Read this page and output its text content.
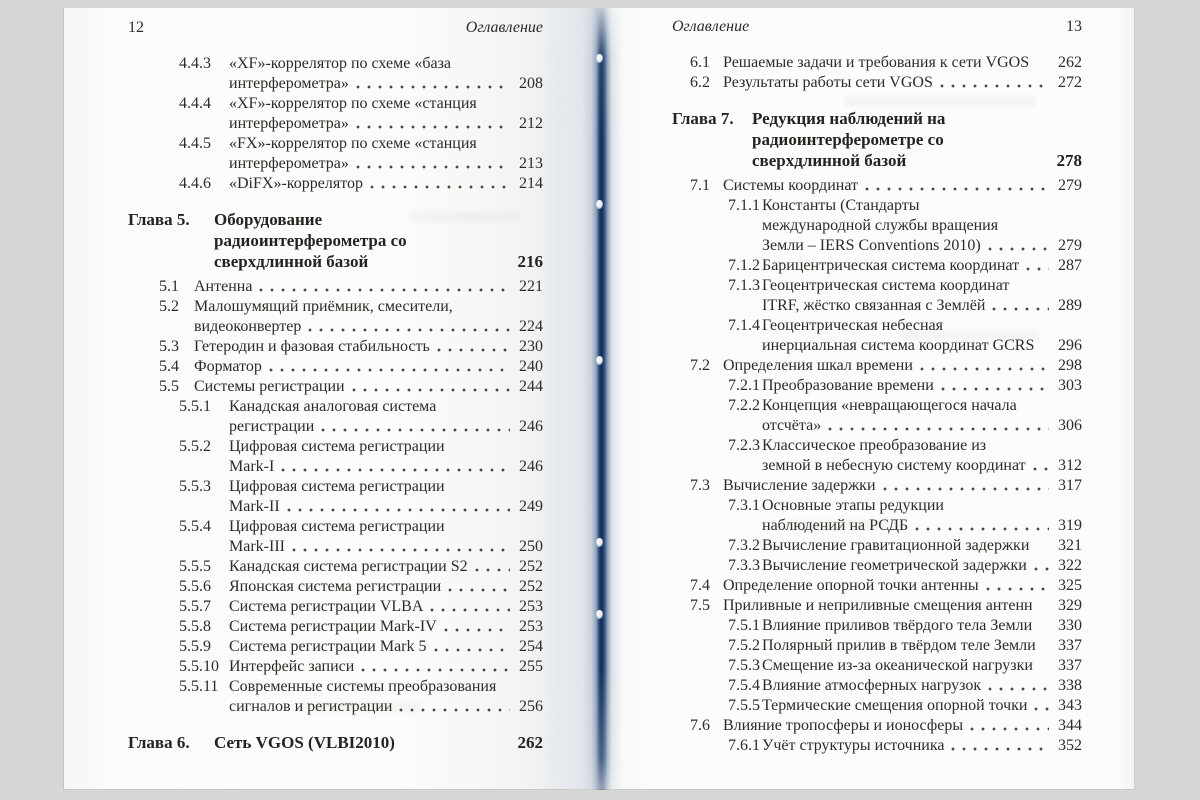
12	Оглавление
4.4.3	«XF»-коррелятор по схеме «база
интерферометра»	208
4.4.4	«XF»-коррелятор по схеме «станция
интерферометра»	212
4.4.5	«FX»-коррелятор по схеме «станция
интерферометра»	213
4.4.6	«DiFX»-коррелятор	214
Глава 5.	Оборудование
радиоинтерферометра со
сверхдлинной базой	216
5.1 Антенна	221
5.2 Малошумящий приёмник, смесители,
видеоконвертер	224
5.3 Гетеродин и фазовая стабильность	230
5.4 Форматор	240
5.5 Системы регистрации	244
5.5.1	Канадская аналоговая система
регистрации	246
5.5.2	Цифровая система регистрации
Mark-I	246
5.5.3	Цифровая система регистрации
Mark-II	249
5.5.4	Цифровая система регистрации
Mark-III	250
5.5.5	Канадская система регистрации S2	252
5.5.6	Японская система регистрации	252
5.5.7	Система регистрации VLBA	253
5.5.8	Система регистрации Mark-IV	253
5.5.9	Система регистрации Mark 5	254
5.5.10 Интерфейс записи	255
5.5.11 Современные системы преобразования
сигналов и регистрации	256
Глава 6.	Сеть VGOS (VLBI2010)	262
Оглавление	13
6.1 Решаемые задачи и требования к сети VGOS 262
6.2 Результаты работы сети VGOS	272
Глава 7.	Редукция наблюдений на
радиоинтерферометре со
сверхдлинной базой	278
7.1 Системы координат	279
7.1.1 Константы (Стандарты
международной службы вращения
Земли – IERS Conventions 2010)	279
7.1.2 Барицентрическая система координат 287
7.1.3 Геоцентрическая система координат
ITRF, жёстко связанная с Землёй	289
7.1.4 Геоцентрическая небесная
инерциальная система координат GCRS 296
7.2 Определения шкал времени	298
7.2.1 Преобразование времени	303
7.2.2 Концепция «невращающегося начала
отсчёта»	306
7.2.3 Классическое преобразование из
земной в небесную систему координат 312
7.3 Вычисление задержки	317
7.3.1 Основные этапы редукции
наблюдений на РСДБ	319
7.3.2 Вычисление гравитационной задержки 321
7.3.3 Вычисление геометрической задержки 322
7.4 Определение опорной точки антенны	325
7.5 Приливные и неприливные смещения антенн 329
7.5.1 Влияние приливов твёрдого тела Земли 330
7.5.2 Полярный прилив в твёрдом теле Земли 337
7.5.3 Смещение из-за океанической нагрузки 337
7.5.4 Влияние атмосферных нагрузок	338
7.5.5 Термические смещения опорной точки 343
7.6 Влияние тропосферы и ионосферы	344
7.6.1 Учёт структуры источника	352
